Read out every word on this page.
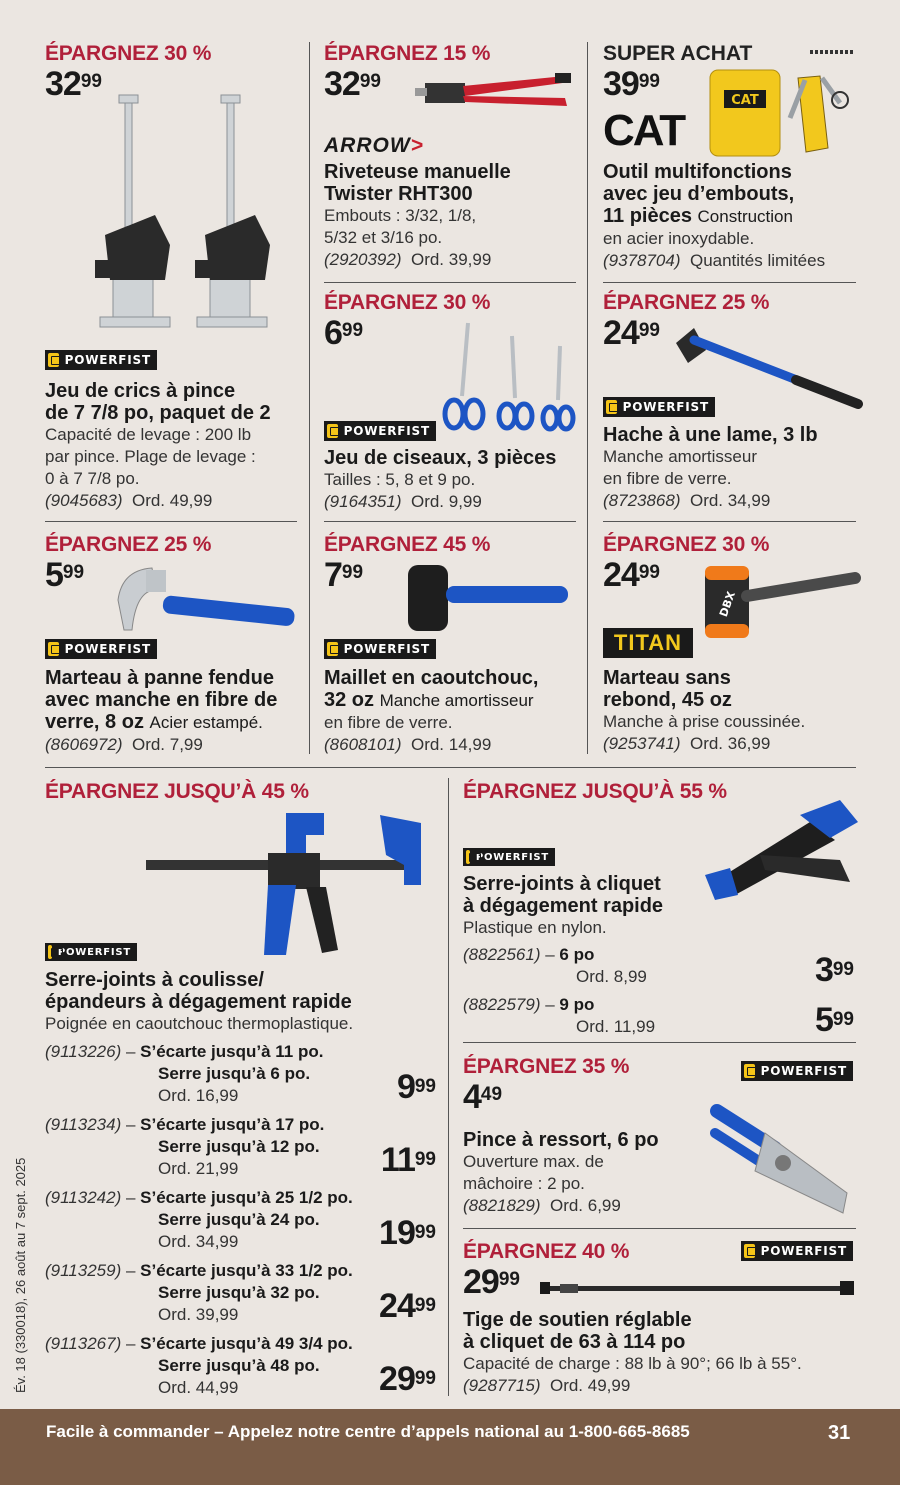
ÉPARGNEZ 30 %
$32^{99}$
POWERFIST
Jeu de crics à pince
de 7 7/8 po, paquet de 2
Capacité de levage : 200 lb
par pince. Plage de levage :
0 à 7 7/8 po.
(9045683) Ord. 49,99
ÉPARGNEZ 15 %
$32^{99}$
ARROW>
Riveteuse manuelle
Twister RHT300
Embouts : 3/32, 1/8,
5/32 et 3/16 po.
(2920392) Ord. 39,99
SUPER ACHAT
$39^{99}$
CAT
CAT
Outil multifonctions
avec jeu d’embouts,
11 pièces Construction
en acier inoxydable.
(9378704) Quantités limitées
ÉPARGNEZ 30 %
$6^{99}$
POWERFIST
Jeu de ciseaux, 3 pièces
Tailles : 5, 8 et 9 po.
(9164351) Ord. 9,99
ÉPARGNEZ 25 %
$24^{99}$
POWERFIST
Hache à une lame, 3 lb
Manche amortisseur
en fibre de verre.
(8723868) Ord. 34,99
ÉPARGNEZ 25 %
$5^{99}$
POWERFIST
Marteau à panne fendue
avec manche en fibre de
verre, 8 oz Acier estampé.
(8606972) Ord. 7,99
ÉPARGNEZ 45 %
$7^{99}$
POWERFIST
Maillet en caoutchouc,
32 oz Manche amortisseur
en fibre de verre.
(8608101) Ord. 14,99
ÉPARGNEZ 30 %
$24^{99}$
DBX
TITAN
Marteau sans
rebond, 45 oz
Manche à prise coussinée.
(9253741) Ord. 36,99
ÉPARGNEZ JUSQU’À 45 %
POWERFIST
Serre-joints à coulisse/
épandeurs à dégagement rapide
Poignée en caoutchouc thermoplastique.
(9113226) – S’écarte jusqu’à 11 po.
Serre jusqu’à 6 po.
Ord. 16,99	$9^{99}$
(9113234) – S’écarte jusqu’à 17 po.
Serre jusqu’à 12 po.
Ord. 21,99	$11^{99}$
(9113242) – S’écarte jusqu’à 25 1/2 po.
Serre jusqu’à 24 po.
Ord. 34,99	$19^{99}$
(9113259) – S’écarte jusqu’à 33 1/2 po.
Serre jusqu’à 32 po.
Ord. 39,99	$24^{99}$
(9113267) – S’écarte jusqu’à 49 3/4 po.
Serre jusqu’à 48 po.
Ord. 44,99	$29^{99}$
ÉPARGNEZ JUSQU’À 55 %
POWERFIST
Serre-joints à cliquet
à dégagement rapide
Plastique en nylon.
(8822561) – 6 po
Ord. 8,99	$3^{99}$
(8822579) – 9 po
Ord. 11,99	$5^{99}$
ÉPARGNEZ 35 %
$4^{49}$
POWERFIST
Pince à ressort, 6 po
Ouverture max. de
mâchoire : 2 po.
(8821829) Ord. 6,99
ÉPARGNEZ 40 %
$29^{99}$
POWERFIST
Tige de soutien réglable
à cliquet de 63 à 114 po
Capacité de charge : 88 lb à 90°; 66 lb à 55°.
(9287715) Ord. 49,99
Év. 18 (330018), 26 août au 7 sept. 2025
Facile à commander – Appelez notre centre d’appels national au 1-800-665-8685	31
